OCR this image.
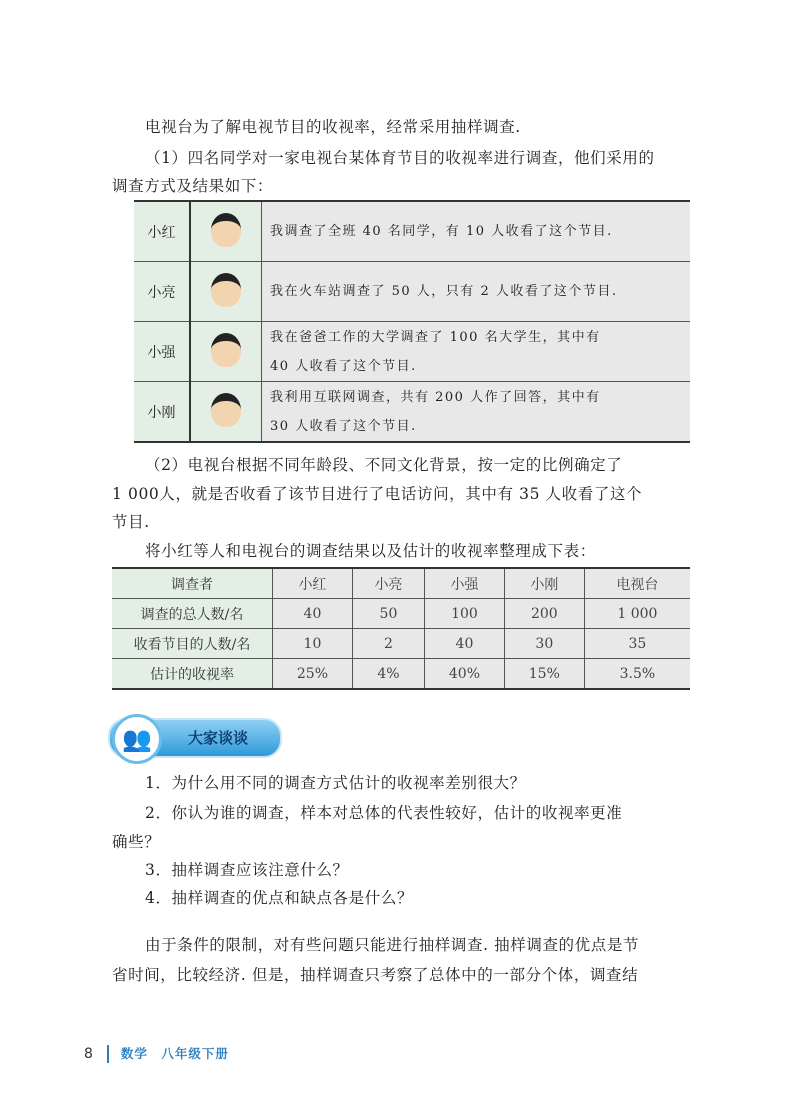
电视台为了解电视节目的收视率，经常采用抽样调查.
（1）四名同学对一家电视台某体育节目的收视率进行调查，他们采用的
调查方式及结果如下：
小红		我调查了全班 40 名同学，有 10 人收看了这个节目.

小亮		我在火车站调查了 50 人，只有 2 人收看了这个节目.

小强		我在爸爸工作的大学调查了 100 名大学生，其中有
40 人收看了这个节目.

小刚		我利用互联网调查，共有 200 人作了回答，其中有
30 人收看了这个节目.
（2）电视台根据不同年龄段、不同文化背景，按一定的比例确定了
1 000人，就是否收看了该节目进行了电话访问，其中有 35 人收看了这个
节目.
将小红等人和电视台的调查结果以及估计的收视率整理成下表：
调查者	小红	小亮	小强	小刚	电视台
调查的总人数/名	40	50	100	200	1 000
收看节目的人数/名	10	2	40	30	35
估计的收视率	25%	4%	40%	15%	3.5%
👥	大家谈谈
1．为什么用不同的调查方式估计的收视率差别很大？
2．你认为谁的调查，样本对总体的代表性较好，估计的收视率更准
确些？
3．抽样调查应该注意什么？
4．抽样调查的优点和缺点各是什么？
由于条件的限制，对有些问题只能进行抽样调查. 抽样调查的优点是节
省时间，比较经济. 但是，抽样调查只考察了总体中的一部分个体，调查结
8 数学　八年级下册
